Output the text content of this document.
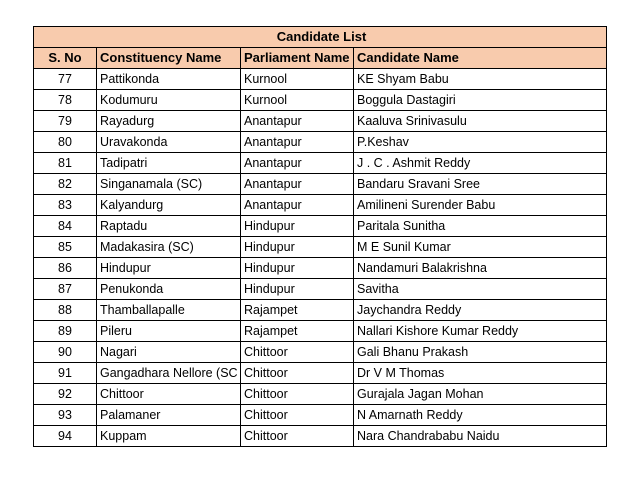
Candidate List			
S. No	Constituency Name	Parliament Name	Candidate Name
77	Pattikonda	Kurnool	KE Shyam Babu
78	Kodumuru	Kurnool	Boggula Dastagiri
79	Rayadurg	Anantapur	Kaaluva Srinivasulu
80	Uravakonda	Anantapur	P.Keshav
81	Tadipatri	Anantapur	J . C . Ashmit Reddy
82	Singanamala (SC)	Anantapur	Bandaru Sravani Sree
83	Kalyandurg	Anantapur	Amilineni Surender Babu
84	Raptadu	Hindupur	Paritala Sunitha
85	Madakasira (SC)	Hindupur	M E Sunil Kumar
86	Hindupur	Hindupur	Nandamuri Balakrishna
87	Penukonda	Hindupur	Savitha
88	Thamballapalle	Rajampet	Jaychandra Reddy
89	Pileru	Rajampet	Nallari Kishore Kumar Reddy
90	Nagari	Chittoor	Gali Bhanu Prakash
91	Gangadhara Nellore (SC	Chittoor	Dr V M Thomas
92	Chittoor	Chittoor	Gurajala Jagan Mohan
93	Palamaner	Chittoor	N Amarnath Reddy
94	Kuppam	Chittoor	Nara Chandrababu Naidu
